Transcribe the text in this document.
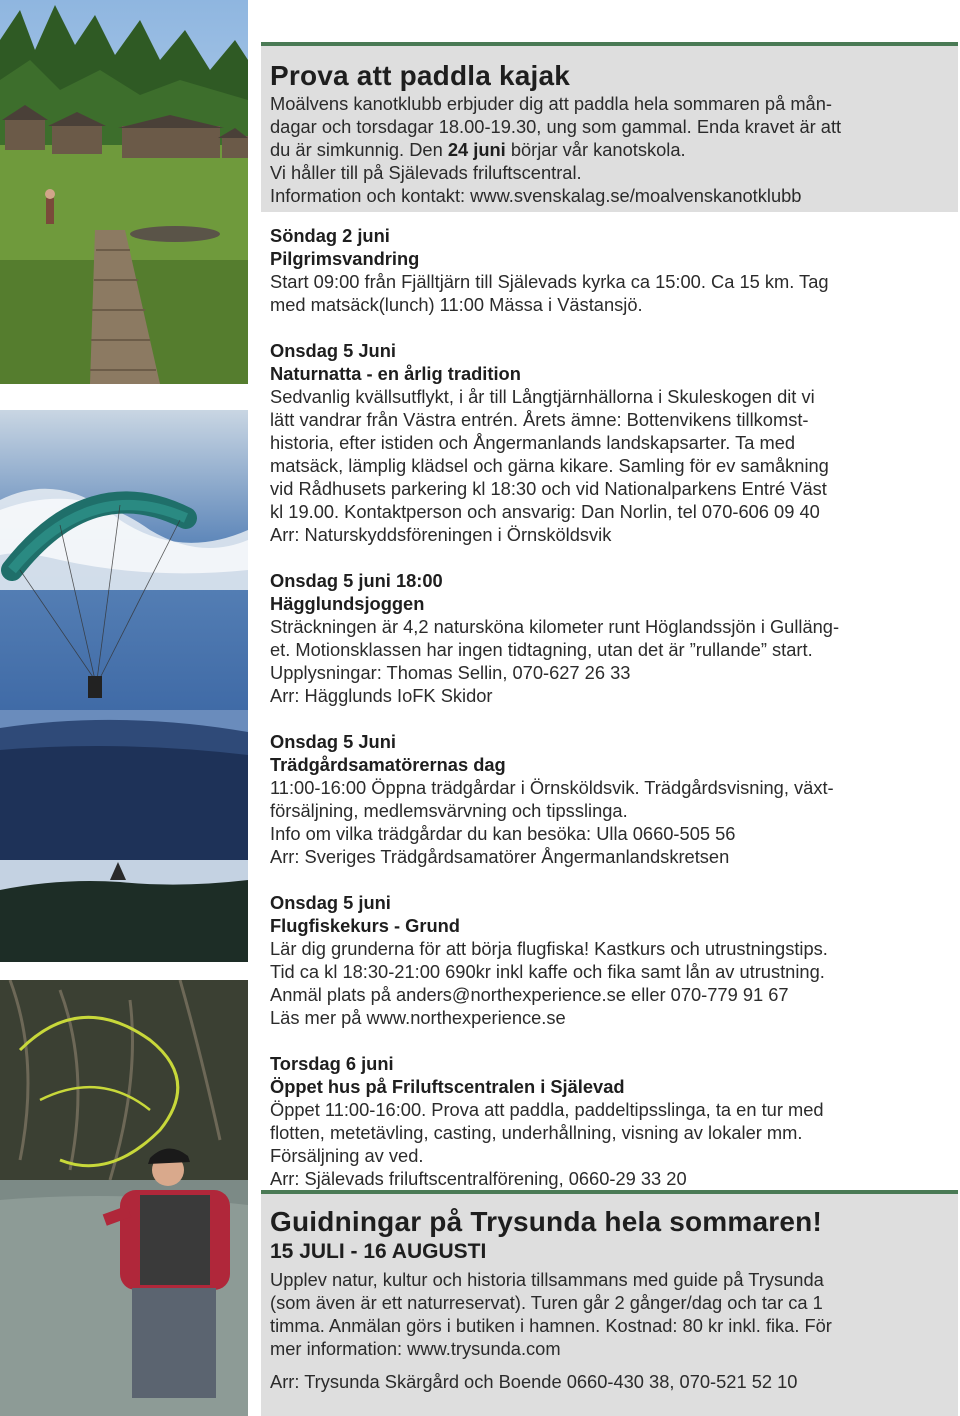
Prova att paddla kajak

Moälvens kanotklubb erbjuder dig att paddla hela sommaren på mån-

dagar och torsdagar 18.00-19.30, ung som gammal. Enda kravet är att

du är simkunnig. Den 24 juni börjar vår kanotskola.

Vi håller till på Själevads friluftscentral.

Information och kontakt: www.svenskalag.se/moalvenskanotklubb

Söndag 2 juni

Pilgrimsvandring

Start 09:00 från Fjälltjärn till Själevads kyrka ca 15:00. Ca 15 km. Tag

med matsäck(lunch) 11:00 Mässa i Västansjö.

Onsdag 5 Juni

Naturnatta - en årlig tradition

Sedvanlig kvällsutflykt, i år till Långtjärnhällorna i Skuleskogen dit vi

lätt vandrar från Västra entrén. Årets ämne: Bottenvikens tillkomst-

historia, efter istiden och Ångermanlands landskapsarter. Ta med

matsäck, lämplig klädsel och gärna kikare. Samling för ev samåkning

vid Rådhusets parkering kl 18:30 och vid Nationalparkens Entré Väst

kl 19.00. Kontaktperson och ansvarig: Dan Norlin, tel 070-606 09 40

Arr: Naturskyddsföreningen i Örnsköldsvik

Onsdag 5 juni 18:00

Hägglundsjoggen

Sträckningen är 4,2 natursköna kilometer runt Höglandssjön i Gulläng-

et. Motionsklassen har ingen tidtagning, utan det är ”rullande” start.

Upplysningar: Thomas Sellin, 070-627 26 33

Arr: Hägglunds IoFK Skidor

Onsdag 5 Juni

Trädgårdsamatörernas dag

11:00-16:00 Öppna trädgårdar i Örnsköldsvik. Trädgårdsvisning, växt-

försäljning, medlemsvärvning och tipsslinga.

Info om vilka trädgårdar du kan besöka: Ulla 0660-505 56

Arr: Sveriges Trädgårdsamatörer Ångermanlandskretsen

Onsdag 5 juni

Flugfiskekurs - Grund

Lär dig grunderna för att börja flugfiska! Kastkurs och utrustningstips.

Tid ca kl 18:30-21:00 690kr inkl kaffe och fika samt lån av utrustning.

Anmäl plats på anders@northexperience.se eller 070-779 91 67

Läs mer på www.northexperience.se

Torsdag 6 juni

Öppet hus på Friluftscentralen i Själevad

Öppet 11:00-16:00. Prova att paddla, paddeltipsslinga, ta en tur med

flotten, metetävling, casting, underhållning, visning av lokaler mm.

Försäljning av ved.

Arr: Själevads friluftscentralförening, 0660-29 33 20

Guidningar på Trysunda hela sommaren!

15 JULI - 16 AUGUSTI

Upplev natur, kultur och historia tillsammans med guide på Trysunda

(som även är ett naturreservat). Turen går 2 gånger/dag och tar ca 1

timma. Anmälan görs i butiken i hamnen. Kostnad: 80 kr inkl. fika. För

mer information: www.trysunda.com

Arr: Trysunda Skärgård och Boende 0660-430 38, 070-521 52 10
